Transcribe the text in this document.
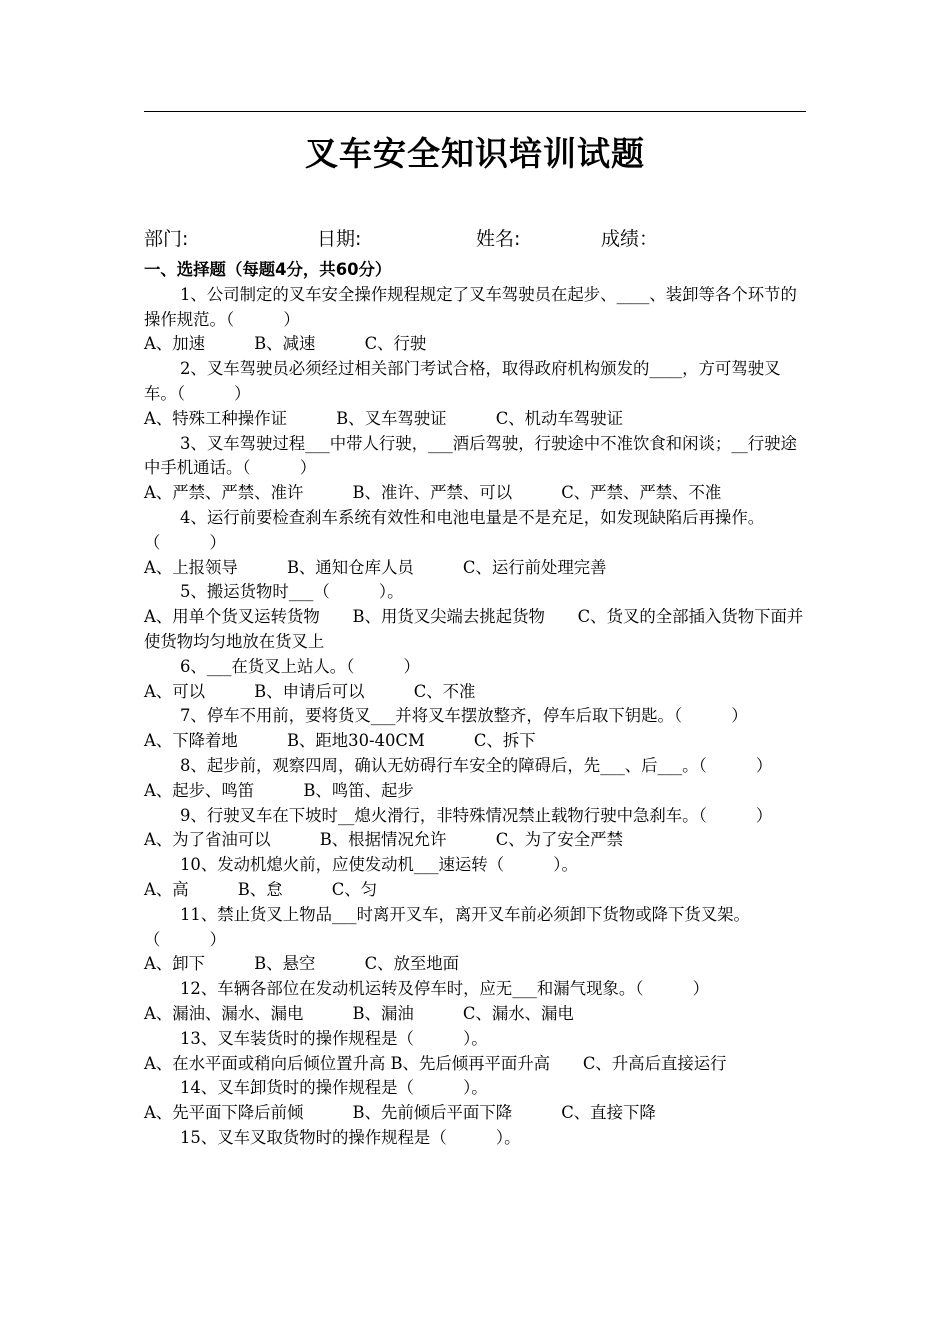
叉车安全知识培训试题
部门:	日期:	姓名:	成绩：

一、选择题（每题4分，共60分）

1、公司制定的叉车安全操作规程规定了叉车驾驶员在起步、____、装卸等各个环节的操作规范。（　　　）

A、加速　　　B、减速　　　C、行驶

2、叉车驾驶员必须经过相关部门考试合格，取得政府机构颁发的____，方可驾驶叉车。（　　　）

A、特殊工种操作证　　　B、叉车驾驶证　　　C、机动车驾驶证

3、叉车驾驶过程___中带人行驶，___酒后驾驶，行驶途中不准饮食和闲谈；__行驶途中手机通话。（　　　）

A、严禁、严禁、准许　　　B、准许、严禁、可以　　　C、严禁、严禁、不准

4、运行前要检查刹车系统有效性和电池电量是不是充足，如发现缺陷后再操作。（　　　）

A、上报领导　　　B、通知仓库人员　　　C、运行前处理完善

5、搬运货物时___（　　　）。

A、用单个货叉运转货物　　B、用货叉尖端去挑起货物　　C、货叉的全部插入货物下面并使货物均匀地放在货叉上

6、___在货叉上站人。（　　　）

A、可以　　　B、申请后可以　　　C、不准

7、停车不用前，要将货叉___并将叉车摆放整齐，停车后取下钥匙。（　　　）

A、下降着地　　　B、距地30-40CM　　　C、拆下

8、起步前，观察四周，确认无妨碍行车安全的障碍后，先___、后___。（　　　）

A、起步、鸣笛　　　B、鸣笛、起步

9、行驶叉车在下坡时__熄火滑行，非特殊情况禁止载物行驶中急刹车。（　　　）

A、为了省油可以　　　B、根据情况允许　　　C、为了安全严禁

10、发动机熄火前，应使发动机___速运转（　　　）。

A、高　　　B、怠　　　C、匀

11、禁止货叉上物品___时离开叉车，离开叉车前必须卸下货物或降下货叉架。（　　　）

A、卸下　　　B、悬空　　　C、放至地面

12、车辆各部位在发动机运转及停车时，应无___和漏气现象。（　　　）

A、漏油、漏水、漏电　　　B、漏油　　　C、漏水、漏电

13、叉车装货时的操作规程是（　　　）。

A、在水平面或稍向后倾位置升高 B、先后倾再平面升高　　C、升高后直接运行

14、叉车卸货时的操作规程是（　　　）。

A、先平面下降后前倾　　　B、先前倾后平面下降　　　C、直接下降

15、叉车叉取货物时的操作规程是（　　　）。
